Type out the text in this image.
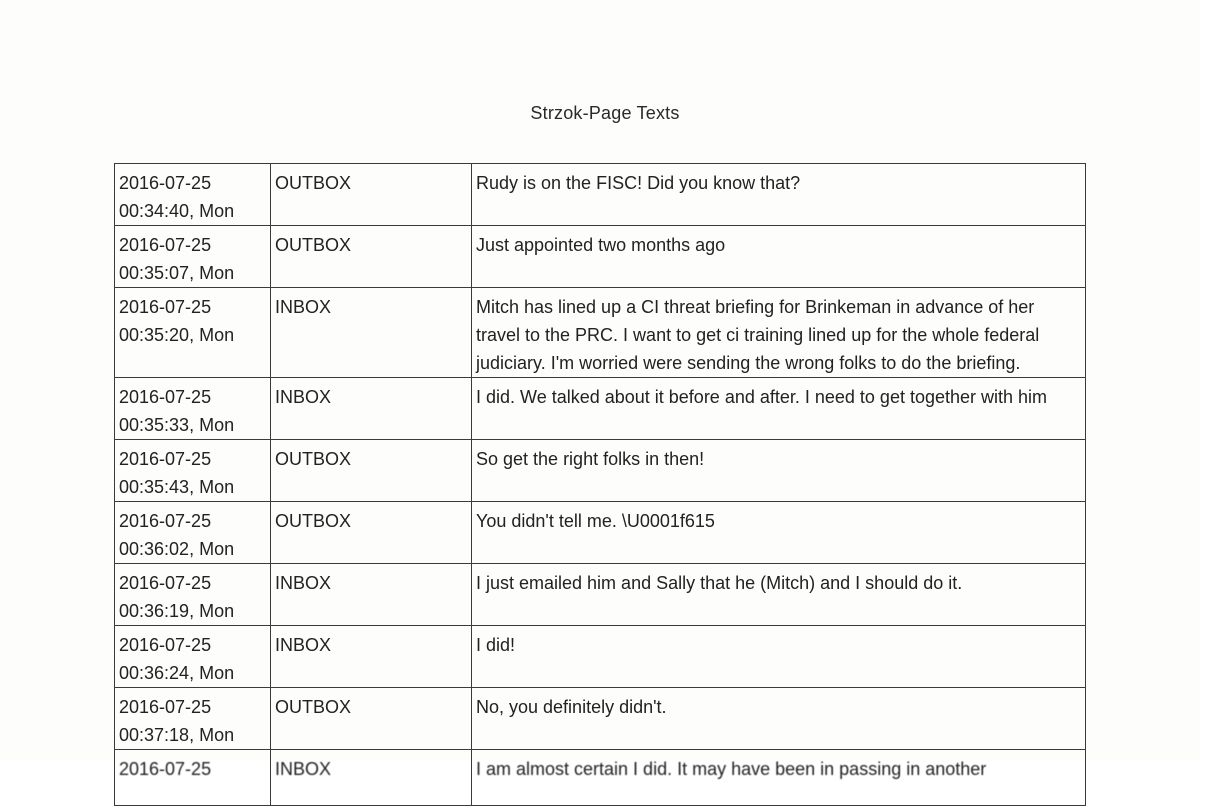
Strzok-Page Texts
2016-07-25
00:34:40, Mon	OUTBOX	Rudy is on the FISC! Did you know that?

2016-07-25
00:35:07, Mon	OUTBOX	Just appointed two months ago

2016-07-25
00:35:20, Mon	INBOX	Mitch has lined up a CI threat briefing for Brinkeman in advance of her travel to the PRC. I want to get ci training lined up for the whole federal judiciary. I'm worried were sending the wrong folks to do the briefing.

2016-07-25
00:35:33, Mon	INBOX	I did. We talked about it before and after. I need to get together with him

2016-07-25
00:35:43, Mon	OUTBOX	So get the right folks in then!

2016-07-25
00:36:02, Mon	OUTBOX	You didn't tell me. \U0001f615

2016-07-25
00:36:19, Mon	INBOX	I just emailed him and Sally that he (Mitch) and I should do it.

2016-07-25
00:36:24, Mon	INBOX	I did!

2016-07-25
00:37:18, Mon	OUTBOX	No, you definitely didn't.

2016-07-25	INBOX	I am almost certain I did. It may have been in passing in another
